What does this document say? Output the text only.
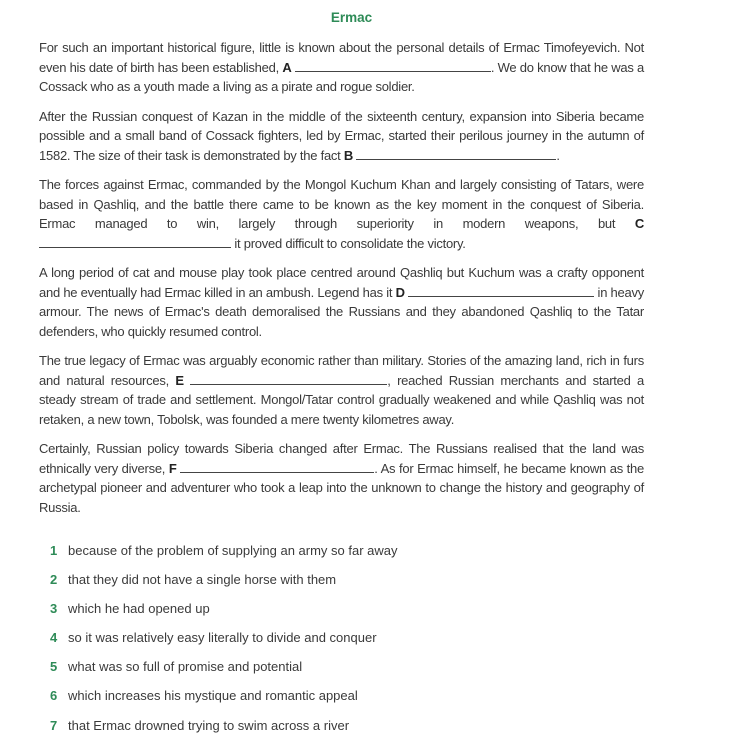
Ermac

For such an important historical figure, little is known about the personal details of Ermac Timofeyevich. Not even his date of birth has been established, A	. We do know that he was a Cossack who as a youth made a living as a pirate and rogue soldier.

After the Russian conquest of Kazan in the middle of the sixteenth century, expansion into Siberia became possible and a small band of Cossack fighters, led by Ermac, started their perilous journey in the autumn of 1582. The size of their task is demonstrated by the fact B	.

The forces against Ermac, commanded by the Mongol Kuchum Khan and largely consisting of Tatars, were based in Qashliq, and the battle there came to be known as the key moment in the conquest of Siberia. Ermac managed to win, largely through superiority in modern weapons, but C  it proved difficult to consolidate the victory.

A long period of cat and mouse play took place centred around Qashliq but Kuchum was a crafty opponent and he eventually had Ermac killed in an ambush. Legend has it D	in heavy armour. The news of Ermac's death demoralised the Russians and they abandoned Qashliq to the Tatar defenders, who quickly resumed control.

The true legacy of Ermac was arguably economic rather than military. Stories of the amazing land, rich in furs and natural resources, E	, reached Russian merchants and started a steady stream of trade and settlement. Mongol/Tatar control gradually weakened and while Qashliq was not retaken, a new town, Tobolsk, was founded a mere twenty kilometres away.

Certainly, Russian policy towards Siberia changed after Ermac. The Russians realised that the land was ethnically very diverse, F	. As for Ermac himself, he became known as the archetypal pioneer and adventurer who took a leap into the unknown to change the history and geography of Russia.

1 because of the problem of supplying an army so far away
2 that they did not have a single horse with them
3 which he had opened up
4 so it was relatively easy literally to divide and conquer
5 what was so full of promise and potential
6 which increases his mystique and romantic appeal
7 that Ermac drowned trying to swim across a river
